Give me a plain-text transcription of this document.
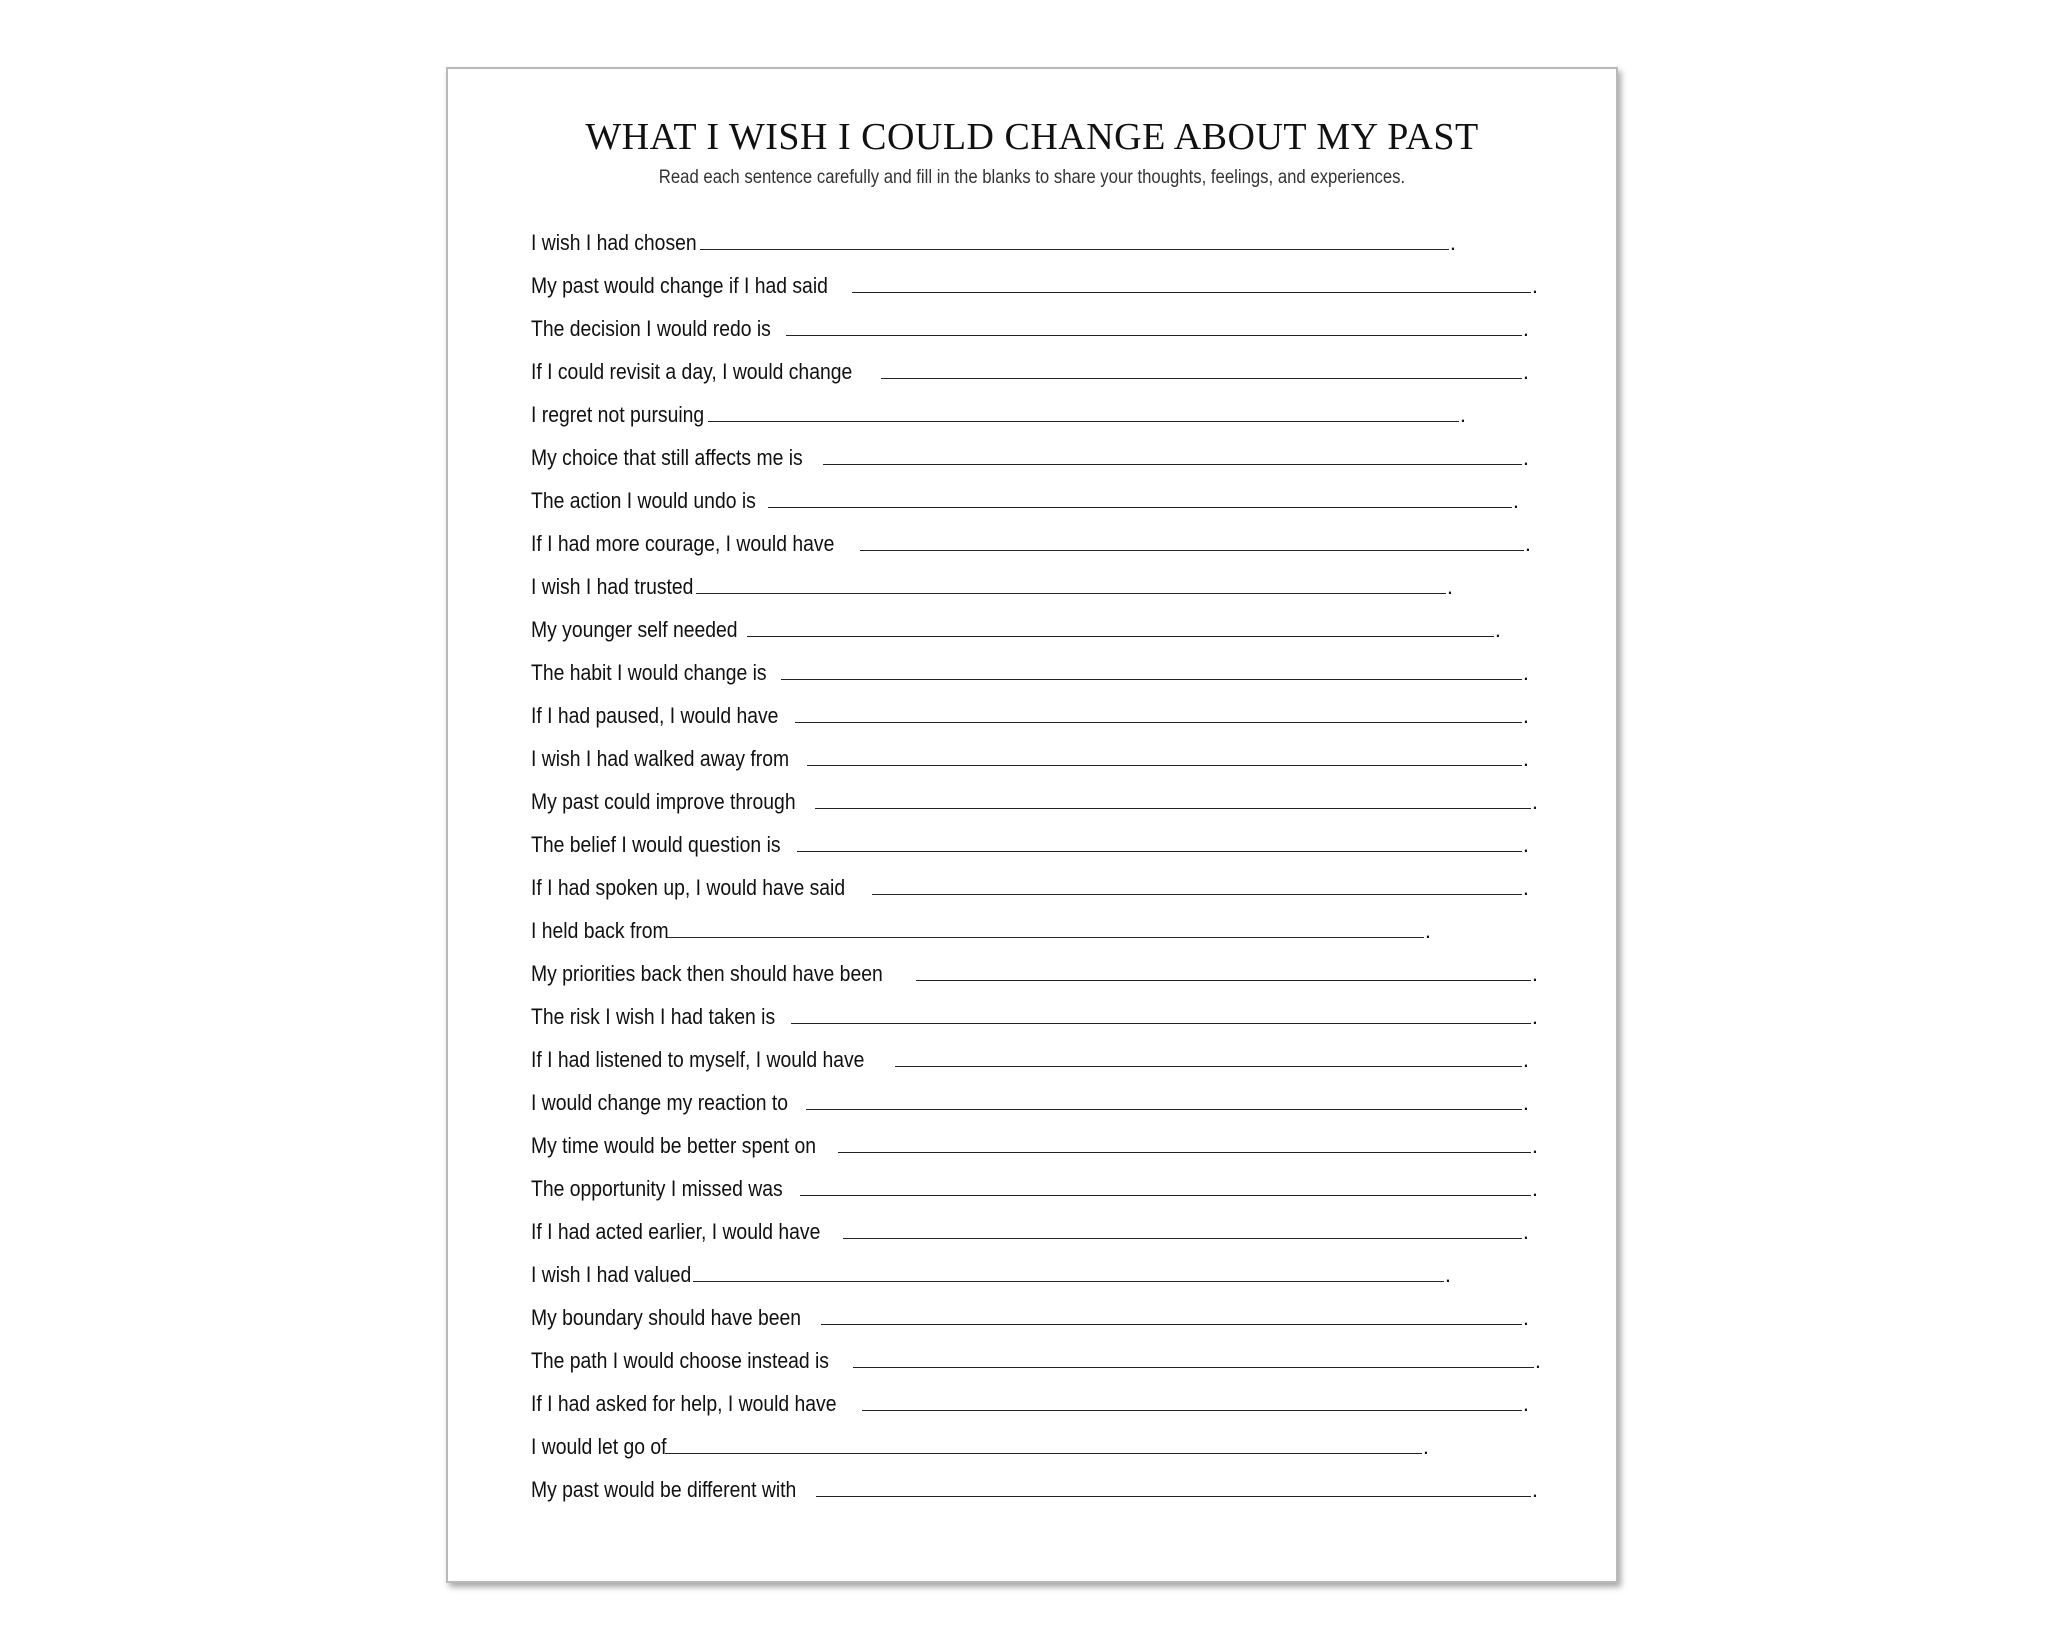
WHAT I WISH I COULD CHANGE ABOUT MY PAST

Read each sentence carefully and fill in the blanks to share your thoughts, feelings, and experiences.

I wish I had chosen	.
My past would change if I had said	.
The decision I would redo is	.
If I could revisit a day, I would change	.
I regret not pursuing	.
My choice that still affects me is	.
The action I would undo is	.
If I had more courage, I would have	.
I wish I had trusted	.
My younger self needed	.
The habit I would change is	.
If I had paused, I would have	.
I wish I had walked away from	.
My past could improve through	.
The belief I would question is	.
If I had spoken up, I would have said	.
I held back from	.
My priorities back then should have been	.
The risk I wish I had taken is	.
If I had listened to myself, I would have	.
I would change my reaction to	.
My time would be better spent on	.
The opportunity I missed was	.
If I had acted earlier, I would have	.
I wish I had valued	.
My boundary should have been	.
The path I would choose instead is	.
If I had asked for help, I would have	.
I would let go of	.
My past would be different with	.
